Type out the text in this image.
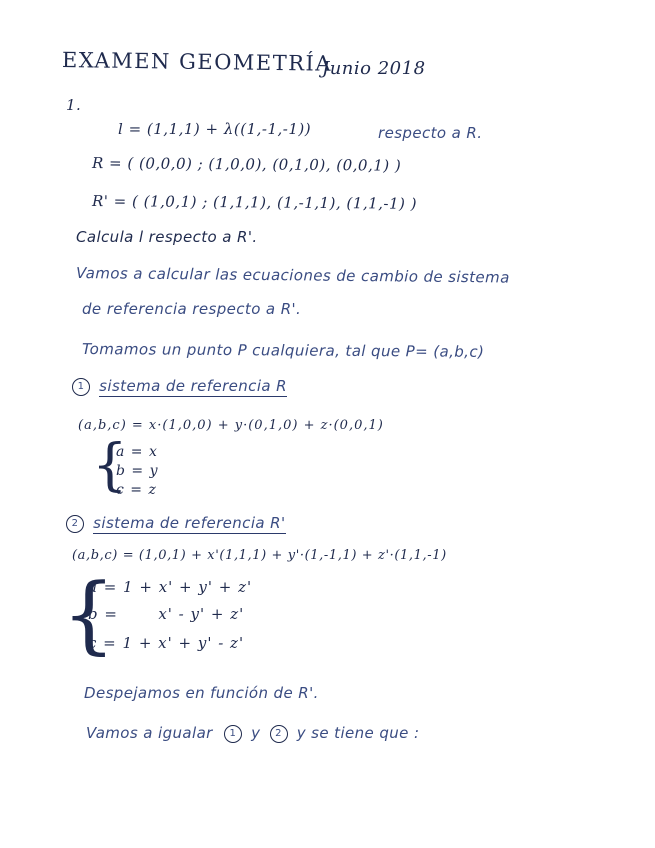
EXAMEN GEOMETRÍA
Junio 2018
1.
l = (1,1,1) + λ((1,-1,-1))	respecto a R.
R = ( (0,0,0) ; (1,0,0), (0,1,0), (0,0,1) )
R' = ( (1,0,1) ; (1,1,1), (1,-1,1), (1,1,-1) )
Calcula l respecto a R'.
Vamos a calcular las ecuaciones de cambio de sistema
de referencia respecto a R'.
Tomamos un punto P cualquiera, tal que P= (a,b,c)
1 sistema de referencia R
(a,b,c) = x·(1,0,0) + y·(0,1,0) + z·(0,0,1)
{
a = x
b = y
c = z
2 sistema de referencia R'
(a,b,c) = (1,0,1) + x'(1,1,1) + y'·(1,-1,1) + z'·(1,1,-1)
{
a = 1 + x' + y' + z'
b =       x' - y' + z'
c = 1 + x' + y' - z'
Despejamos en función de R'.
Vamos a igualar 1 y 2 y se tiene que :
